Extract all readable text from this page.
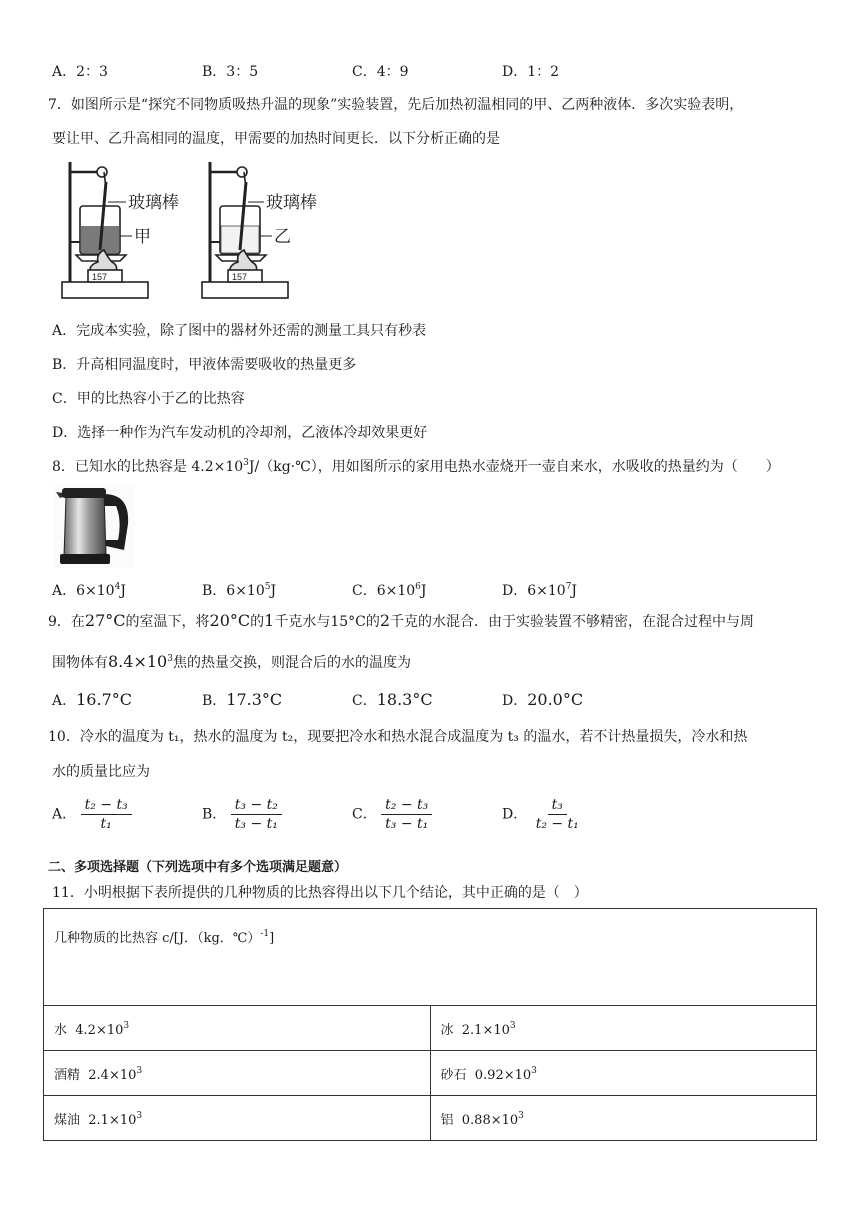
A．2：3	B．3：5	C．4：9	D．1：2
7．如图所示是“探究不同物质吸热升温的现象”实验装置，先后加热初温相同的甲、乙两种液体．多次实验表明，
要让甲、乙升高相同的温度，甲需要的加热时间更长．以下分析正确的是
157
玻璃棒
甲
157
玻璃棒
乙
A．完成本实验，除了图中的器材外还需的测量工具只有秒表
B．升高相同温度时，甲液体需要吸收的热量更多
C．甲的比热容小于乙的比热容
D．选择一种作为汽车发动机的冷却剂，乙液体冷却效果更好
8．已知水的比热容是 $4.2\times 10^3J/(kg\cdot℃)$，用如图所示的家用电热水壶烧开一壶自来水，水吸收的热量约为（　　）
A．$6\times 10^4J$	B．$6\times 10^5J$	C．$6\times 10^6J$	D．$6\times 10^7J$
9．在27°C的室温下，将20°C的1千克水与15°C的2千克的水混合．由于实验装置不够精密，在混合过程中与周
围物体有$8.4\times 10^3$焦的热量交换，则混合后的水的温度为
A．16.7°C	B．17.3°C	C．18.3°C	D．20.0°C
10．冷水的温度为 t₁，热水的温度为 t₂，现要把冷水和热水混合成温度为 t₃ 的温水，若不计热量损失，冷水和热
水的质量比应为
A． $\frac{\text{t₂ − t₃}}{\text{t₁}}$	B． $\frac{\text{t₃ − t₂}}{\text{t₃ − t₁}}$	C． $\frac{\text{t₂ − t₃}}{\text{t₃ − t₁}}$	D． $\frac{\text{t₃}}{\text{t₂ − t₁}}$
二、多项选择题（下列选项中有多个选项满足题意）
11．小明根据下表所提供的几种物质的比热容得出以下几个结论，其中正确的是（　）
几种物质的比热容 c/[J．（kg．℃）$^{-1}$]	
水 $4.2\times 10^3$	冰 $2.1\times 10^3$
酒精 $2.4\times 10^3$	砂石 $0.92\times 10^3$
煤油 $2.1\times 10^3$	铝 $0.88\times 10^3$
